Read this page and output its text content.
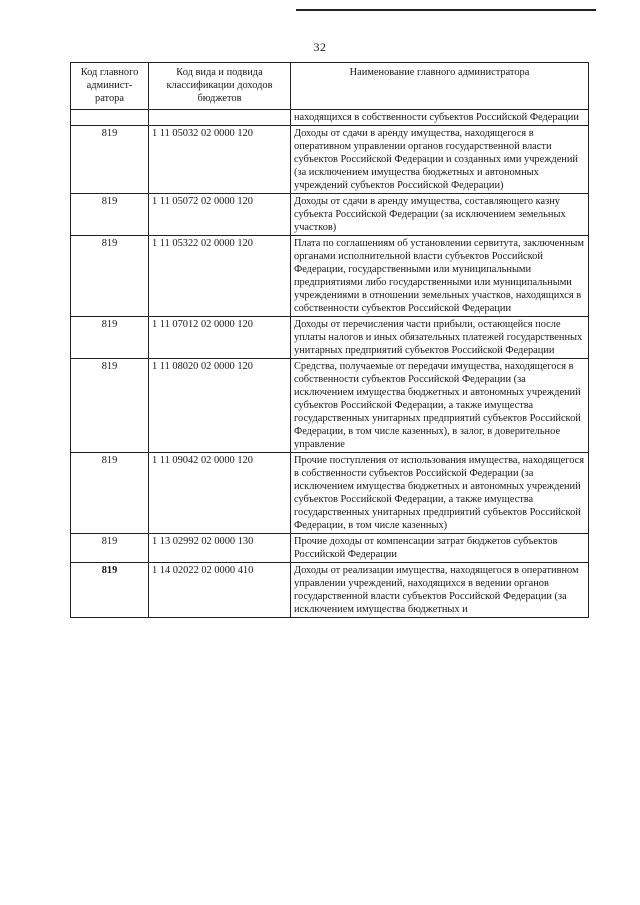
32
Код главного админист-ратора	Код вида и подвида классификации доходов бюджетов	Наименование главного администратора
		находящихся в собственности субъектов Российской Федерации
819	1 11 05032 02 0000 120	Доходы от сдачи в аренду имущества, находящегося в оперативном управлении органов государственной власти субъектов Российской Федерации и созданных ими учреждений (за исключением имущества бюджетных и автономных учреждений субъектов Российской Федерации)
819	1 11 05072 02 0000 120	Доходы от сдачи в аренду имущества, составляющего казну субъекта Российской Федерации (за исключением земельных участков)
819	1 11 05322 02 0000 120	Плата по соглашениям об установлении сервитута, заключенным органами исполнительной власти субъектов Российской Федерации, государственными или муниципальными предприятиями либо государственными или муниципальными учреждениями в отношении земельных участков, находящихся в собственности субъектов Российской Федерации
819	1 11 07012 02 0000 120	Доходы от перечисления части прибыли, остающейся после уплаты налогов и иных обязательных платежей государственных унитарных предприятий субъектов Российской Федерации
819	1 11 08020 02 0000 120	Средства, получаемые от передачи имущества, находящегося в собственности субъектов Российской Федерации (за исключением имущества бюджетных и автономных учреждений субъектов Российской Федерации, а также имущества государственных унитарных предприятий субъектов Российской Федерации, в том числе казенных), в залог, в доверительное управление
819	1 11 09042 02 0000 120	Прочие поступления от использования имущества, находящегося в собственности субъектов Российской Федерации (за исключением имущества бюджетных и автономных учреждений субъектов Российской Федерации, а также имущества государственных унитарных предприятий субъектов Российской Федерации, в том числе казенных)
819	1 13 02992 02 0000 130	Прочие доходы от компенсации затрат бюджетов субъектов Российской Федерации
819	1 14 02022 02 0000 410	Доходы от реализации имущества, находящегося в оперативном управлении учреждений, находящихся в ведении органов государственной власти субъектов Российской Федерации (за исключением имущества бюджетных и
